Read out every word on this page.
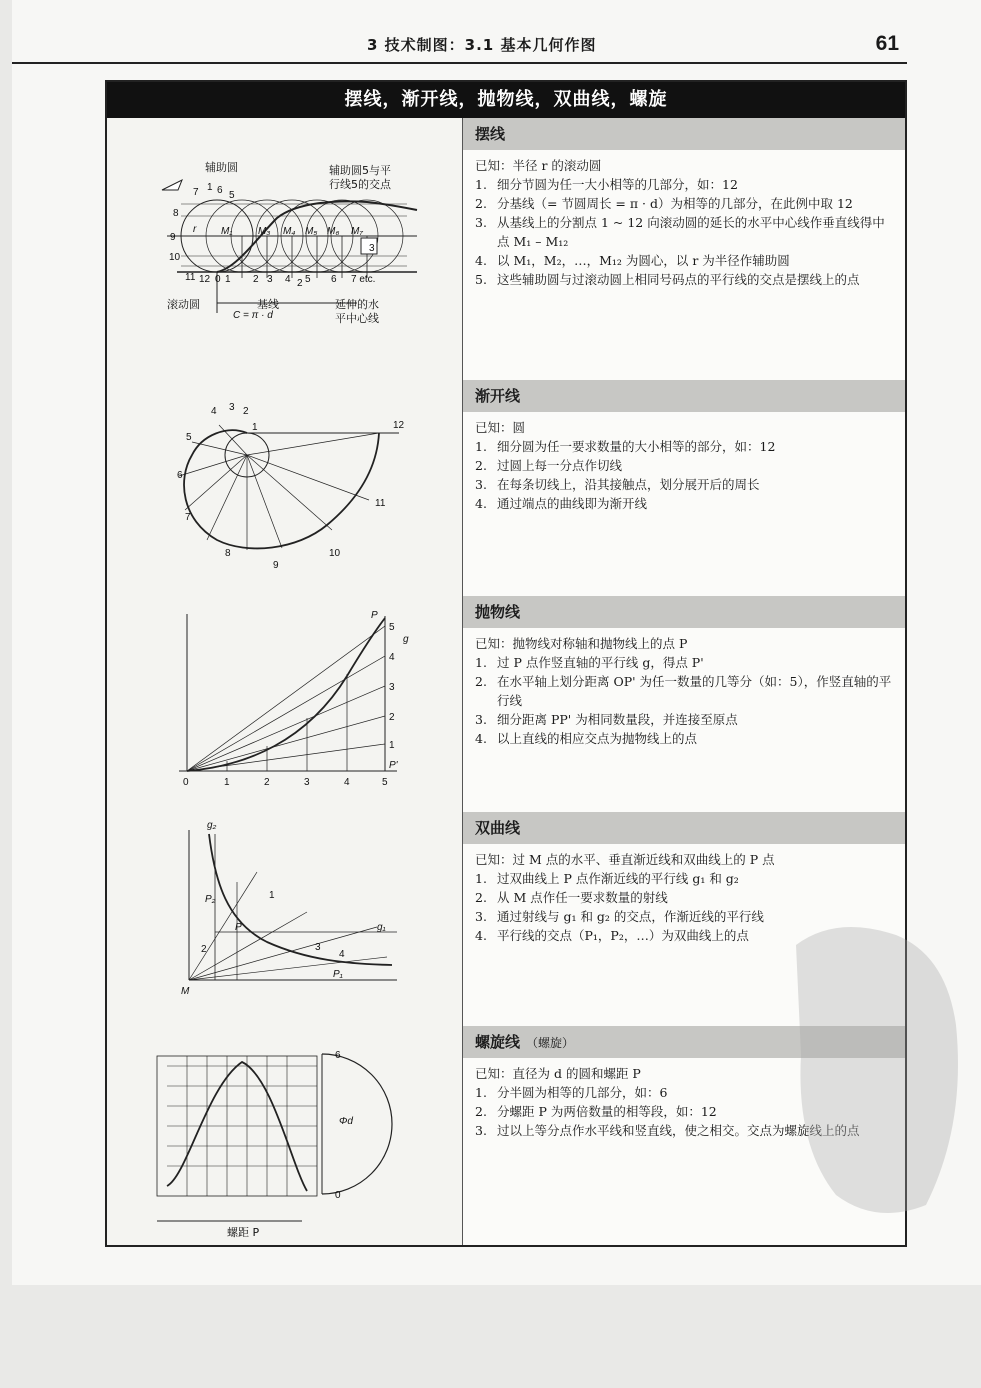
3 技术制图：3.1 基本几何作图	61
摆线，渐开线，抛物线，双曲线，螺旋
7 1 6 5
8
9
10
11 12 0 1 2 3 4 2 5 6
3
r M₁	M₃ M₄ M₅ M₆ M₇
7 etc.
C = π · d
辅助圆	辅助圆5与平
行线5的交点
滚动圆	基线	延伸的水
平中心线
摆线

已知：半径 r 的滚动圆

1. 细分节圆为任一大小相等的几部分，如：12
2. 分基线（= 节圆周长 = π · d）为相等的几部分，在此例中取 12
3. 从基线上的分割点 1 ~ 12 向滚动圆的延长的水平中心线作垂直线得中点 M₁ – M₁₂
4. 以 M₁，M₂，…，M₁₂ 为圆心，以 r 为半径作辅助圆
5. 这些辅助圆与过滚动圆上相同号码点的平行线的交点是摆线上的点
3 2
1
4
5
6
7
8
9
10
11
12
渐开线

已知：圆

1. 细分圆为任一要求数量的大小相等的部分，如：12
2. 过圆上每一分点作切线
3. 在每条切线上，沿其接触点，划分展开后的周长
4. 通过端点的曲线即为渐开线
P
g
P'
0	1	2	3	4	5
5
4
3
2
1
抛物线

已知：抛物线对称轴和抛物线上的点 P

1. 过 P 点作竖直轴的平行线 g，得点 P'
2. 在水平轴上划分距离 OP' 为任一数量的几等分（如：5），作竖直轴的平行线
3. 细分距离 PP' 为相同数量段，并连接至原点
4. 以上直线的相应交点为抛物线上的点
g₂
g₁
M
P
P₁
P₂	1
2	3
4
双曲线

已知：过 M 点的水平、垂直渐近线和双曲线上的 P 点

1. 过双曲线上 P 点作渐近线的平行线 g₁ 和 g₂
2. 从 M 点作任一要求数量的射线
3. 通过射线与 g₁ 和 g₂ 的交点，作渐近线的平行线
4. 平行线的交点（P₁，P₂，…）为双曲线上的点
6
0
Φd
螺距 P
螺旋线 （螺旋）

已知：直径为 d 的圆和螺距 P

1. 分半圆为相等的几部分，如：6
2. 分螺距 P 为两倍数量的相等段，如：12
3. 过以上等分点作水平线和竖直线，使之相交。交点为螺旋线上的点
